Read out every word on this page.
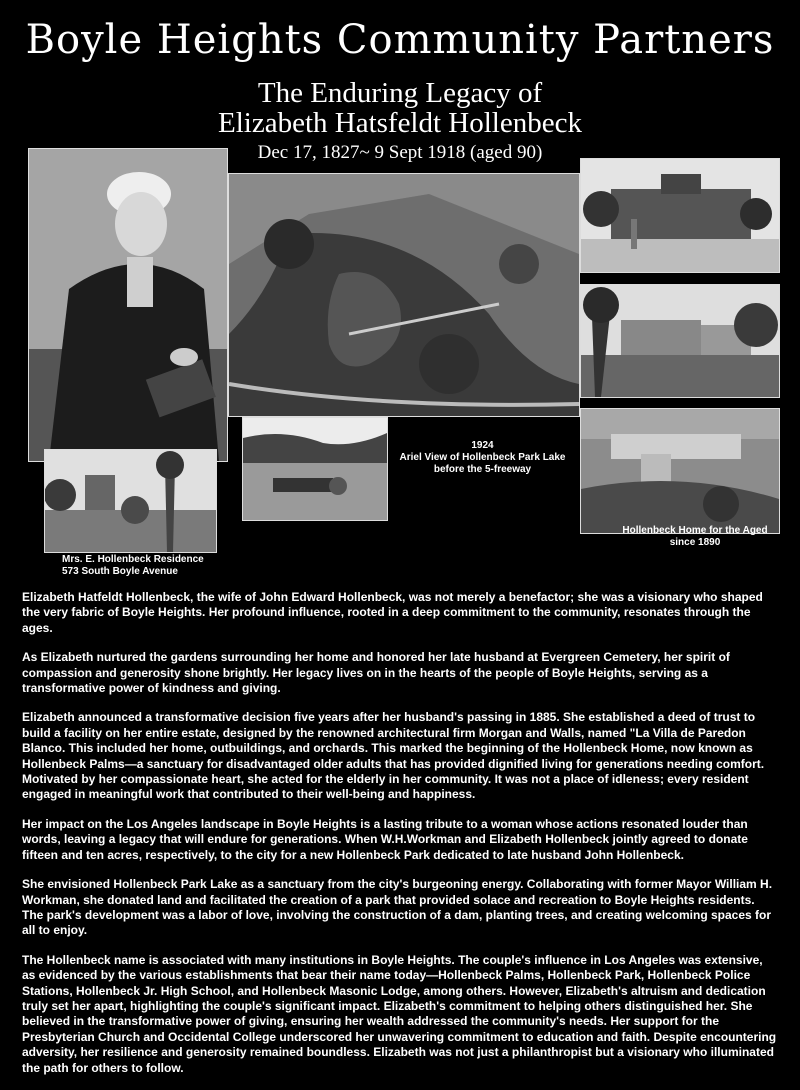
Boyle Heights Community Partners
The Enduring Legacy of
Elizabeth Hatsfeldt Hollenbeck
Dec 17, 1827~ 9 Sept 1918 (aged 90)
1924
Ariel View of Hollenbeck Park Lake
before the 5-freeway
Mrs. E. Hollenbeck Residence
573 South Boyle Avenue
Hollenbeck Home for the Aged
since 1890

Elizabeth Hatfeldt Hollenbeck, the wife of John Edward Hollenbeck, was not merely a benefactor; she was a visionary who shaped the very fabric of Boyle Heights. Her profound influence, rooted in a deep commitment to the community, resonates through the ages.

As Elizabeth nurtured the gardens surrounding her home and honored her late husband at Evergreen Cemetery, her spirit of compassion and generosity shone brightly. Her legacy lives on in the hearts of the people of Boyle Heights, serving as a transformative power of kindness and giving.

Elizabeth announced a transformative decision five years after her husband's passing in 1885. She established a deed of trust to build a facility on her entire estate, designed by the renowned architectural firm Morgan and Walls, named "La Villa de Paredon Blanco. This included her home, outbuildings, and orchards. This marked the beginning of the Hollenbeck Home, now known as Hollenbeck Palms—a sanctuary for disadvantaged older adults that has provided dignified living for generations needing comfort. Motivated by her compassionate heart, she acted for the elderly in her community. It was not a place of idleness; every resident engaged in meaningful work that contributed to their well-being and happiness.

Her impact on the Los Angeles landscape in Boyle Heights is a lasting tribute to a woman whose actions resonated louder than words, leaving a legacy that will endure for generations. When W.H.Workman and Elizabeth Hollenbeck jointly agreed to donate fifteen and ten acres, respectively, to the city for a new Hollenbeck Park dedicated to late husband John Hollenbeck.

She envisioned Hollenbeck Park Lake as a sanctuary from the city's burgeoning energy. Collaborating with former Mayor William H. Workman, she donated land and facilitated the creation of a park that provided solace and recreation to Boyle Heights residents. The park's development was a labor of love, involving the construction of a dam, planting trees, and creating welcoming spaces for all to enjoy.

The Hollenbeck name is associated with many institutions in Boyle Heights. The couple's influence in Los Angeles was extensive, as evidenced by the various establishments that bear their name today—Hollenbeck Palms, Hollenbeck Park, Hollenbeck Police Stations, Hollenbeck Jr. High School, and Hollenbeck Masonic Lodge, among others. However, Elizabeth's altruism and dedication truly set her apart, highlighting the couple's significant impact. Elizabeth's commitment to helping others distinguished her. She believed in the transformative power of giving, ensuring her wealth addressed the community's needs. Her support for the Presbyterian Church and Occidental College underscored her unwavering commitment to education and faith. Despite encountering adversity, her resilience and generosity remained boundless. Elizabeth was not just a philanthropist but a visionary who illuminated the path for others to follow.
